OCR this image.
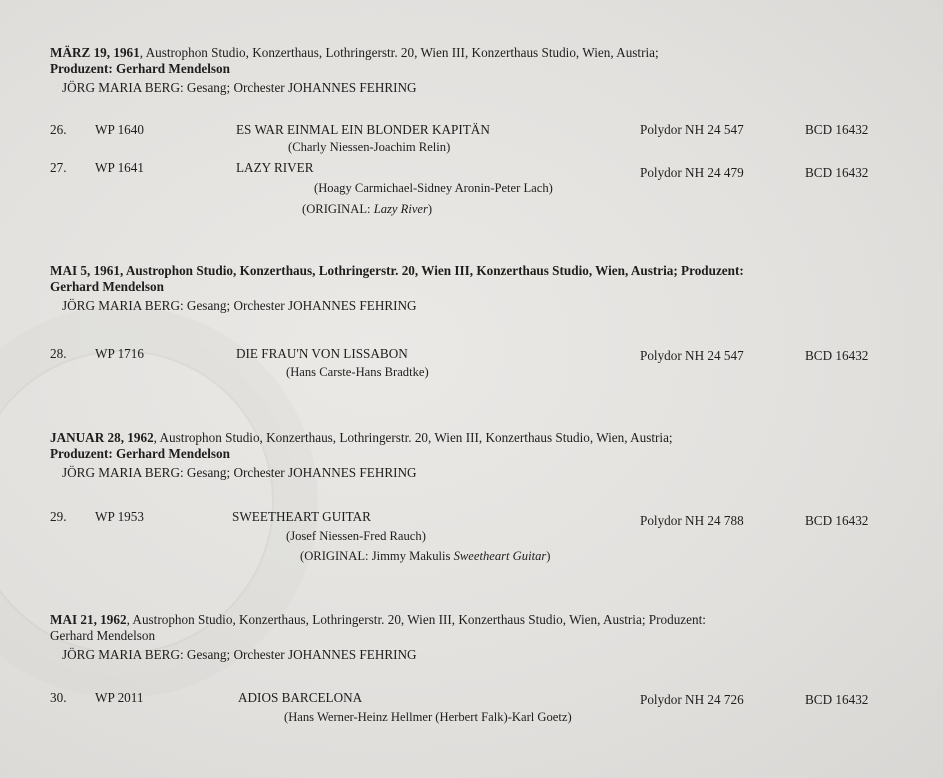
MÄRZ 19, 1961, Austrophon Studio, Konzerthaus, Lothringerstr. 20, Wien III, Konzerthaus Studio, Wien, Austria;
Produzent: Gerhard Mendelson
JÖRG MARIA BERG: Gesang; Orchester JOHANNES FEHRING
26. WP 1640	ES WAR EINMAL EIN BLONDER KAPITÄN	Polydor NH 24 547	BCD 16432
(Charly Niessen-Joachim Relin)
27. WP 1641	LAZY RIVER	Polydor NH 24 479	BCD 16432
(Hoagy Carmichael-Sidney Aronin-Peter Lach)
(ORIGINAL: Lazy River)
MAI 5, 1961, Austrophon Studio, Konzerthaus, Lothringerstr. 20, Wien III, Konzerthaus Studio, Wien, Austria; Produzent:
Gerhard Mendelson
JÖRG MARIA BERG: Gesang; Orchester JOHANNES FEHRING
28. WP 1716	DIE FRAU'N VON LISSABON	Polydor NH 24 547	BCD 16432
(Hans Carste-Hans Bradtke)
JANUAR 28, 1962, Austrophon Studio, Konzerthaus, Lothringerstr. 20, Wien III, Konzerthaus Studio, Wien, Austria;
Produzent: Gerhard Mendelson
JÖRG MARIA BERG: Gesang; Orchester JOHANNES FEHRING
29. WP 1953	SWEETHEART GUITAR	Polydor NH 24 788	BCD 16432
(Josef Niessen-Fred Rauch)
(ORIGINAL: Jimmy Makulis Sweetheart Guitar)
MAI 21, 1962, Austrophon Studio, Konzerthaus, Lothringerstr. 20, Wien III, Konzerthaus Studio, Wien, Austria; Produzent:
Gerhard Mendelson
JÖRG MARIA BERG: Gesang; Orchester JOHANNES FEHRING
30. WP 2011	ADIOS BARCELONA	Polydor NH 24 726	BCD 16432
(Hans Werner-Heinz Hellmer (Herbert Falk)-Karl Goetz)
